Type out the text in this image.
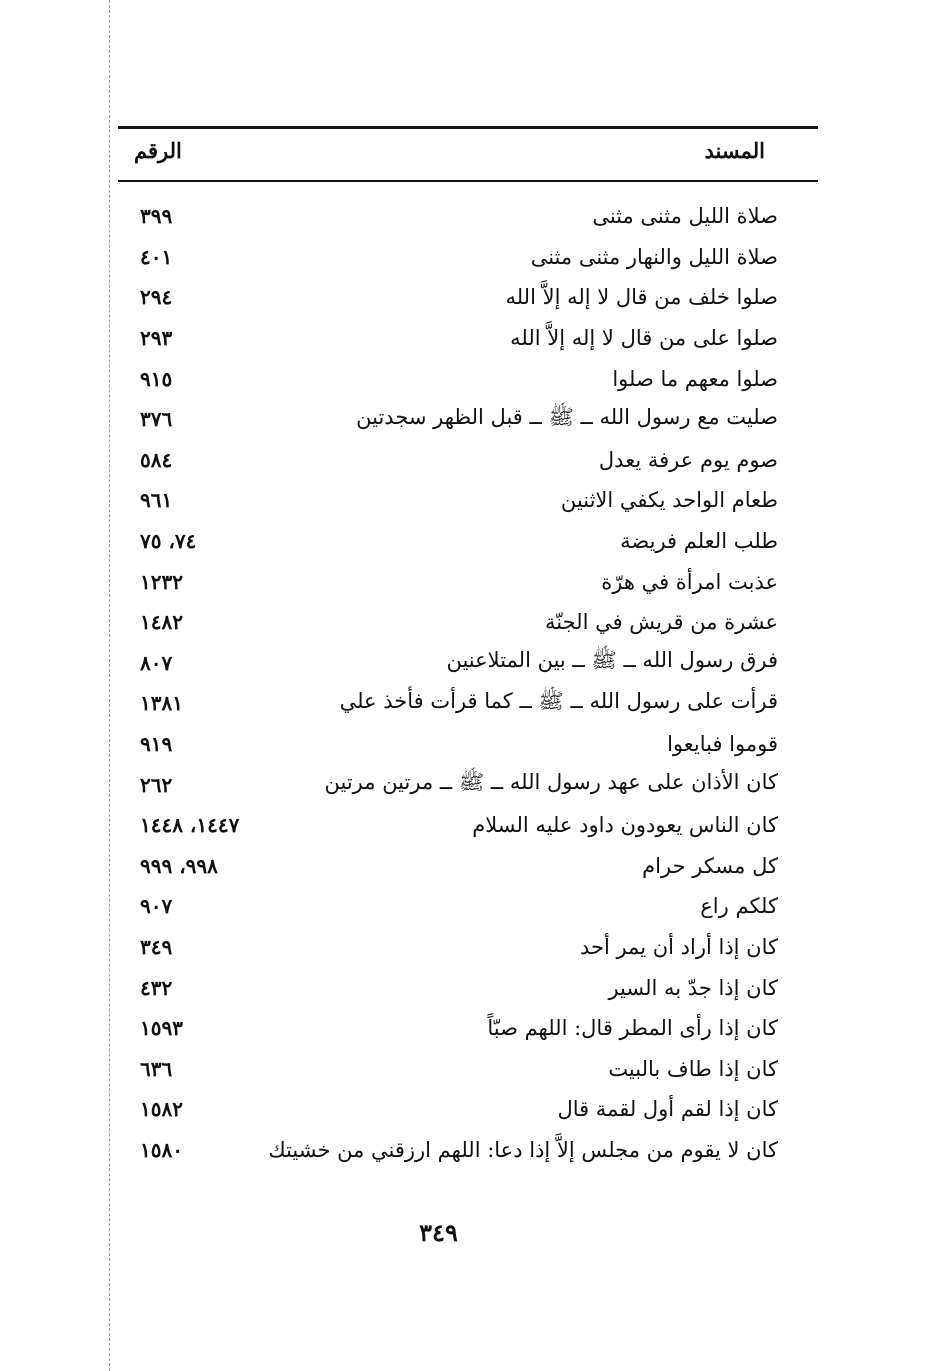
المسند
الرقم
صلاة الليل مثنى مثنى
٣٩٩
صلاة الليل والنهار مثنى مثنى
٤٠١
صلوا خلف من قال لا إله إلاَّ الله
٢٩٤
صلوا على من قال لا إله إلاَّ الله
٢٩٣
صلوا معهم ما صلوا
٩١٥
صليت مع رسول الله ــ ﷺ ــ قبل الظهر سجدتين
٣٧٦
صوم يوم عرفة يعدل
٥٨٤
طعام الواحد يكفي الاثنين
٩٦١
طلب العلم فريضة
٧٤، ٧٥
عذبت امرأة في هرّة
١٢٣٢
عشرة من قريش في الجنّة
١٤٨٢
فرق رسول الله ــ ﷺ ــ بين المتلاعنين
٨٠٧
قرأت على رسول الله ــ ﷺ ــ كما قرأت فأخذ علي
١٣٨١
قوموا فبايعوا
٩١٩
كان الأذان على عهد رسول الله ــ ﷺ ــ مرتين مرتين
٢٦٢
كان الناس يعودون داود عليه السلام
١٤٤٧، ١٤٤٨
كل مسكر حرام
٩٩٨، ٩٩٩
كلكم راع
٩٠٧
كان إذا أراد أن يمر أحد
٣٤٩
كان إذا جدّ به السير
٤٣٢
كان إذا رأى المطر قال: اللهم صبّاً
١٥٩٣
كان إذا طاف بالبيت
٦٣٦
كان إذا لقم أول لقمة قال
١٥٨٢
كان لا يقوم من مجلس إلاَّ إذا دعا: اللهم ارزقني من خشيتك
١٥٨٠
٣٤٩
